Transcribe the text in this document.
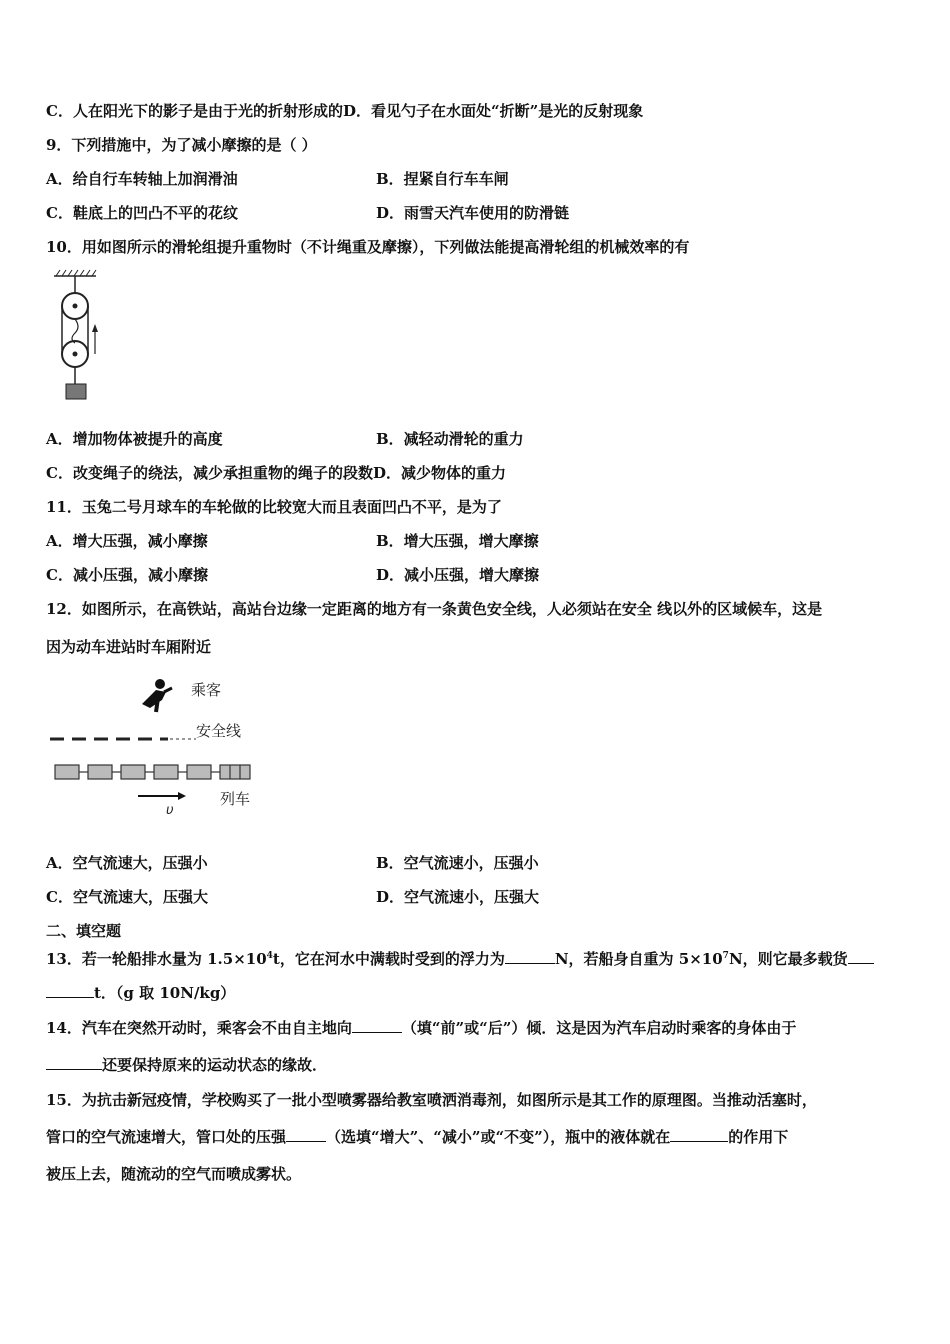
C．人在阳光下的影子是由于光的折射形成的D．看见勺子在水面处“折断”是光的反射现象
9．下列措施中，为了减小摩擦的是（ ）
A．给自行车转轴上加润滑油	B．捏紧自行车车闸
C．鞋底上的凹凸不平的花纹	D．雨雪天汽车使用的防滑链
10．用如图所示的滑轮组提升重物时（不计绳重及摩擦），下列做法能提高滑轮组的机械效率的有
A．增加物体被提升的高度	B．减轻动滑轮的重力
C．改变绳子的绕法，减少承担重物的绳子的段数D．减少物体的重力
11．玉兔二号月球车的车轮做的比较宽大而且表面凹凸不平，是为了
A．增大压强，减小摩擦	B．增大压强，增大摩擦
C．减小压强，减小摩擦	D．减小压强，增大摩擦
12．如图所示，在高铁站，高站台边缘一定距离的地方有一条黄色安全线，人必须站在安全 线以外的区域候车，这是
因为动车进站时车厢附近
乘客
安全线
υ
列车
A．空气流速大，压强小	B．空气流速小，压强小
C．空气流速大，压强大	D．空气流速小，压强大
二、填空题
13．若一轮船排水量为 $1.5\times 10^4t$，它在河水中满载时受到的浮力为	N，若船身自重为 $5\times 10^7N$，则它最多载货
t．（g 取 10N/kg）
14．汽车在突然开动时，乘客会不由自主地向	（填“前”或“后”）倾．这是因为汽车启动时乘客的身体由于
还要保持原来的运动状态的缘故．
15．为抗击新冠疫情，学校购买了一批小型喷雾器给教室喷洒消毒剂，如图所示是其工作的原理图。当推动活塞时，
管口的空气流速增大，管口处的压强	（选填“增大”、“减小”或“不变”），瓶中的液体就在	的作用下
被压上去，随流动的空气而喷成雾状。
